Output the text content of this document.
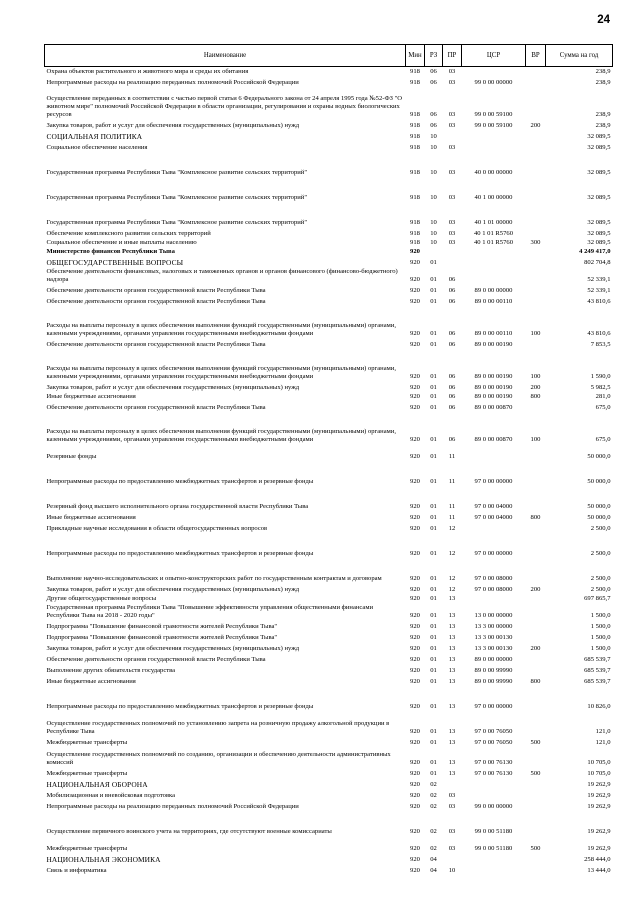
24
Наименование	Мин	РЗ	ПР	ЦСР	ВР	Сумма на год
Охрана объектов растительного и животного мира и среды их обитания	918	06	03			238,9
Непрограммные расходы на реализацию переданных полномочий Российской Федерации	918	06	03	99 0 00 00000		238,9
Осуществление переданных в соответствии с частью первой статьи 6 Федерального закона от 24 апреля 1995 года №52-ФЗ "О животном мире" полномочий Российской Федерации в области организации, регулирования и охраны водных биологических ресурсов	918	06	03	99 0 00 59100		238,9
Закупка товаров, работ и услуг для обеспечения государственных (муниципальных) нужд	918	06	03	99 0 00 59100	200	238,9
СОЦИАЛЬНАЯ ПОЛИТИКА	918	10				32 089,5
Социальное обеспечение населения	918	10	03			32 089,5
Государственная программа Республики Тыва "Комплексное развитие сельских территорий"	918	10	03	40 0 00 00000		32 089,5
Государственная программа Республики Тыва "Комплексное развитие сельских территорий"	918	10	03	40 1 00 00000		32 089,5
Государственная программа Республики Тыва "Комплексное развитие сельских территорий"	918	10	03	40 1 01 00000		32 089,5
Обеспечение комплексного развития сельских территорий	918	10	03	40 1 01 R5760		32 089,5
Социальное обеспечение и иные выплаты населению	918	10	03	40 1 01 R5760	300	32 089,5
Министерство финансов Республики Тыва	920					4 249 417,0
ОБЩЕГОСУДАРСТВЕННЫЕ ВОПРОСЫ	920	01				802 704,8
Обеспечение деятельности финансовых, налоговых и таможенных органов и органов финансового (финансово-бюджетного) надзора	920	01	06			52 339,1
Обеспечение деятельности органов государственной власти Республики Тыва	920	01	06	89 0 00 00000		52 339,1
Обеспечение деятельности органов государственной власти Республики Тыва	920	01	06	89 0 00 00110		43 810,6
Расходы на выплаты персоналу в целях обеспечения выполнения функций государственными (муниципальными) органами, казенными учреждениями, органами управления государственными внебюджетными фондами	920	01	06	89 0 00 00110	100	43 810,6
Обеспечение деятельности органов государственной власти Республики Тыва	920	01	06	89 0 00 00190		7 853,5
Расходы на выплаты персоналу в целях обеспечения выполнения функций государственными (муниципальными) органами, казенными учреждениями, органами управления государственными внебюджетными фондами	920	01	06	89 0 00 00190	100	1 590,0
Закупка товаров, работ и услуг для обеспечения государственных (муниципальных) нужд	920	01	06	89 0 00 00190	200	5 982,5
Иные бюджетные ассигнования	920	01	06	89 0 00 00190	800	281,0
Обеспечение деятельности органов государственной власти Республики Тыва	920	01	06	89 0 00 00870		675,0
Расходы на выплаты персоналу в целях обеспечения выполнения функций государственными (муниципальными) органами, казенными учреждениями, органами управления государственными внебюджетными фондами	920	01	06	89 0 00 00870	100	675,0
Резервные фонды	920	01	11			50 000,0
Непрограммные расходы по предоставлению межбюджетных трансфертов и резервные фонды	920	01	11	97 0 00 00000		50 000,0
Резервный фонд высшего исполнительного органа государственной власти Республики Тыва	920	01	11	97 0 00 04000		50 000,0
Иные бюджетные ассигнования	920	01	11	97 0 00 04000	800	50 000,0
Прикладные научные исследования в области общегосударственных вопросов	920	01	12			2 500,0
Непрограммные расходы по предоставлению межбюджетных трансфертов и резервные фонды	920	01	12	97 0 00 00000		2 500,0
Выполнение научно-исследовательских и опытно-конструкторских работ по государственным контрактам и договорам	920	01	12	97 0 00 08000		2 500,0
Закупка товаров, работ и услуг для обеспечения государственных (муниципальных) нужд	920	01	12	97 0 00 08000	200	2 500,0
Другие общегосударственные вопросы	920	01	13			697 865,7
Государственная программа Республики Тыва "Повышение эффективности управления общественными финансами Республики Тыва на 2018 - 2020 годы"	920	01	13	13 0 00 00000		1 500,0
Подпрограмма "Повышение финансовой грамотности жителей Республики Тыва"	920	01	13	13 3 00 00000		1 500,0
Подпрограмма "Повышение финансовой грамотности жителей Республики Тыва"	920	01	13	13 3 00 00130		1 500,0
Закупка товаров, работ и услуг для обеспечения государственных (муниципальных) нужд	920	01	13	13 3 00 00130	200	1 500,0
Обеспечение деятельности органов государственной власти Республики Тыва	920	01	13	89 0 00 00000		685 539,7
Выполнение других обязательств государства	920	01	13	89 0 00 99990		685 539,7
Иные бюджетные ассигнования	920	01	13	89 0 00 99990	800	685 539,7
Непрограммные расходы по предоставлению межбюджетных трансфертов и резервные фонды	920	01	13	97 0 00 00000		10 826,0
Осуществление государственных полномочий по установлению запрета на розничную продажу алкогольной продукции в Республике Тыва	920	01	13	97 0 00 76050		121,0
Межбюджетные трансферты	920	01	13	97 0 00 76050	500	121,0
Осуществление государственных полномочий по созданию, организации и обеспечению деятельности административных комиссий	920	01	13	97 0 00 76130		10 705,0
Межбюджетные трансферты	920	01	13	97 0 00 76130	500	10 705,0
НАЦИОНАЛЬНАЯ ОБОРОНА	920	02				19 262,9
Мобилизационная и вневойсковая подготовка	920	02	03			19 262,9
Непрограммные расходы на реализацию переданных полномочий Российской Федерации	920	02	03	99 0 00 00000		19 262,9
Осуществление первичного воинского учета на территориях, где отсутствуют военные комиссариаты	920	02	03	99 0 00 51180		19 262,9
Межбюджетные трансферты	920	02	03	99 0 00 51180	500	19 262,9
НАЦИОНАЛЬНАЯ ЭКОНОМИКА	920	04				258 444,0
Связь и информатика	920	04	10			13 444,0
